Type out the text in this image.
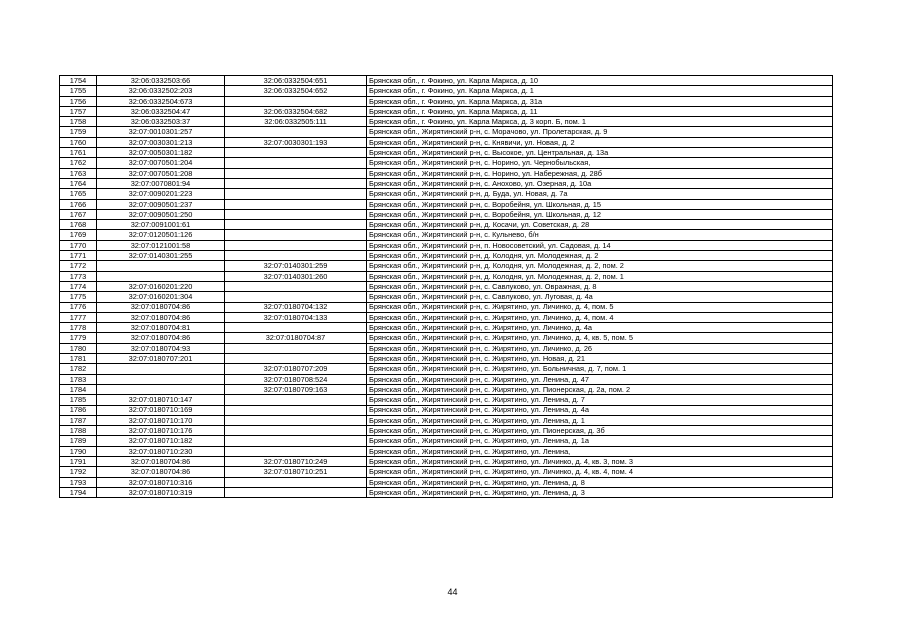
1754	32:06:0332503:66	32:06:0332504:651	Брянская обл., г. Фокино, ул. Карла Маркса, д. 10
1755	32:06:0332502:203	32:06:0332504:652	Брянская обл., г. Фокино, ул. Карла Маркса, д. 1
1756	32:06:0332504:673		Брянская обл., г. Фокино, ул. Карла Маркса, д. 31а
1757	32:06:0332504:47	32:06:0332504:682	Брянская обл., г. Фокино, ул. Карла Маркса, д. 11
1758	32:06:0332503:37	32:06:0332505:111	Брянская обл., г. Фокино, ул. Карла Маркса, д. 3 корп. Б, пом. 1
1759	32:07:0010301:257		Брянская обл., Жирятинский р-н, с. Морачово, ул. Пролетарская, д. 9
1760	32:07:0030301:213	32:07:0030301:193	Брянская обл., Жирятинский р-н, с. Княвичи, ул. Новая, д. 2
1761	32:07:0050301:182		Брянская обл., Жирятинский р-н, с. Высокое, ул. Центральная, д. 13а
1762	32:07:0070501:204		Брянская обл., Жирятинский р-н, с. Норино, ул. Чернобыльская,
1763	32:07:0070501:208		Брянская обл., Жирятинский р-н, с. Норино, ул. Набережная, д. 28б
1764	32:07:0070801:94		Брянская обл., Жирятинский р-н, с. Анохово, ул. Озерная, д. 10а
1765	32:07:0090201:223		Брянская обл., Жирятинский р-н, д. Буда, ул. Новая, д. 7а
1766	32:07:0090501:237		Брянская обл., Жирятинский р-н, с. Воробейня, ул. Школьная, д. 15
1767	32:07:0090501:250		Брянская обл., Жирятинский р-н, с. Воробейня, ул. Школьная, д. 12
1768	32:07:0091001:61		Брянская обл., Жирятинский р-н, д. Косачи, ул. Советская, д. 28
1769	32:07:0120501:126		Брянская обл., Жирятинский р-н, с. Кульнево, б/н
1770	32:07:0121001:58		Брянская обл., Жирятинский р-н, п. Новосоветский, ул. Садовая, д. 14
1771	32:07:0140301:255		Брянская обл., Жирятинский р-н, д. Колодня, ул. Молодежная, д. 2
1772		32:07:0140301:259	Брянская обл., Жирятинский р-н, д. Колодня, ул. Молодежная, д. 2, пом. 2
1773		32:07:0140301:260	Брянская обл., Жирятинский р-н, д. Колодня, ул. Молодежная, д. 2, пом. 1
1774	32:07:0160201:220		Брянская обл., Жирятинский р-н, с. Савлуково, ул. Овражная, д. 8
1775	32:07:0160201:304		Брянская обл., Жирятинский р-н, с. Савлуково, ул. Луговая, д. 4а
1776	32:07:0180704:86	32:07:0180704:132	Брянская обл., Жирятинский р-н, с. Жирятино, ул. Личинко, д. 4, пом. 5
1777	32:07:0180704:86	32:07:0180704:133	Брянская обл., Жирятинский р-н, с. Жирятино, ул. Личинко, д. 4, пом. 4
1778	32:07:0180704:81		Брянская обл., Жирятинский р-н, с. Жирятино, ул. Личинко, д. 4а
1779	32:07:0180704:86	32:07:0180704:87	Брянская обл., Жирятинский р-н, с. Жирятино, ул. Личинко, д. 4, кв. 5, пом. 5
1780	32:07:0180704:93		Брянская обл., Жирятинский р-н, с. Жирятино, ул. Личинко, д. 26
1781	32:07:0180707:201		Брянская обл., Жирятинский р-н, с. Жирятино, ул. Новая, д. 21
1782		32:07:0180707:209	Брянская обл., Жирятинский р-н, с. Жирятино, ул. Больничная, д. 7, пом. 1
1783		32:07:0180708:524	Брянская обл., Жирятинский р-н, с. Жирятино, ул. Ленина, д. 47
1784		32:07:0180709:163	Брянская обл., Жирятинский р-н, с. Жирятино, ул. Пионерская, д. 2а, пом. 2
1785	32:07:0180710:147		Брянская обл., Жирятинский р-н, с. Жирятино, ул. Ленина, д. 7
1786	32:07:0180710:169		Брянская обл., Жирятинский р-н, с. Жирятино, ул. Ленина, д. 4а
1787	32:07:0180710:170		Брянская обл., Жирятинский р-н, с. Жирятино, ул. Ленина, д. 1
1788	32:07:0180710:176		Брянская обл., Жирятинский р-н, с. Жирятино, ул. Пионерская, д. 3б
1789	32:07:0180710:182		Брянская обл., Жирятинский р-н, с. Жирятино, ул. Ленина, д. 1а
1790	32:07:0180710:230		Брянская обл., Жирятинский р-н, с. Жирятино, ул. Ленина,
1791	32:07:0180704:86	32:07:0180710:249	Брянская обл., Жирятинский р-н, с. Жирятино, ул. Личинко, д. 4, кв. 3, пом. 3
1792	32:07:0180704:86	32:07:0180710:251	Брянская обл., Жирятинский р-н, с. Жирятино, ул. Личинко, д. 4, кв. 4, пом. 4
1793	32:07:0180710:316		Брянская обл., Жирятинский р-н, с. Жирятино, ул. Ленина, д. 8
1794	32:07:0180710:319		Брянская обл., Жирятинский р-н, с. Жирятино, ул. Ленина, д. 3
44
